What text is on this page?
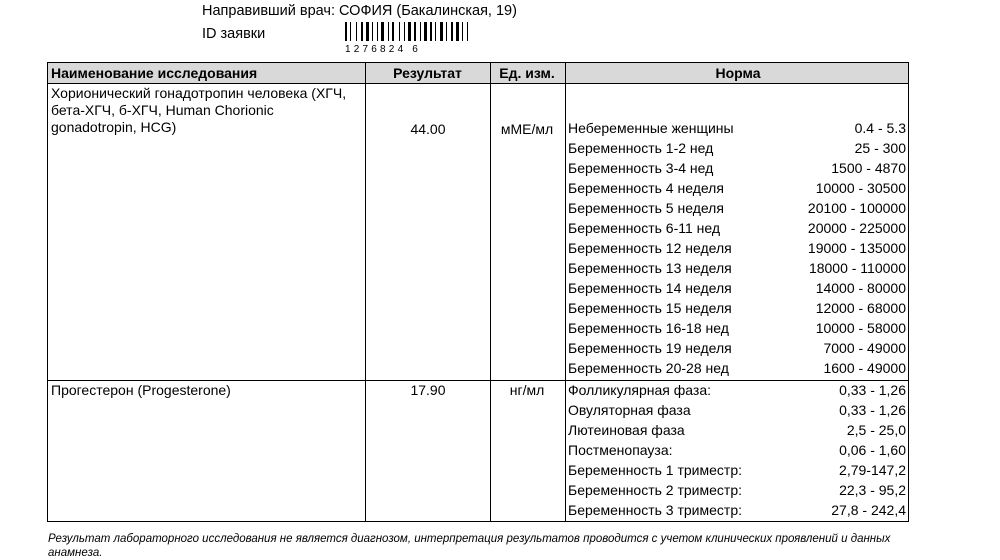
Направивший врач: СОФИЯ (Бакалинская, 19)
ID заявки
1276824 6
Наименование исследования	Результат	Ед. изм.	Норма
Хорионический гонадотропин человека (ХГЧ, бета-ХГЧ, б-ХГЧ, Human Chorionic gonadotropin, HCG)	44.00	мМЕ/мл	Небеременные женщины	0.4 - 5.3
Беременность 1-2 нед	25 - 300
Беременность 3-4 нед	1500 - 4870
Беременность 4 неделя	10000 - 30500
Беременность 5 неделя	20100 - 100000
Беременность 6-11 нед	20000 - 225000
Беременность 12 неделя	19000 - 135000
Беременность 13 неделя	18000 - 110000
Беременность 14 неделя	14000 - 80000
Беременность 15 неделя	12000 - 68000
Беременность 16-18 нед	10000 - 58000
Беременность 19 неделя	7000 - 49000
Беременность 20-28 нед	1600 - 49000
Прогестерон (Progesterone)	17.90	нг/мл	Фолликулярная фаза:	0,33 - 1,26
Овуляторная фаза	0,33 - 1,26
Лютеиновая фаза	2,5 - 25,0
Постменопауза:	0,06 - 1,60
Беременность 1 триместр:	2,79-147,2
Беременность 2 триместр:	22,3 - 95,2
Беременность 3 триместр:	27,8 - 242,4
Результат лабораторного исследования не является диагнозом, интерпретация результатов проводится с учетом клинических проявлений и данных анамнеза.
